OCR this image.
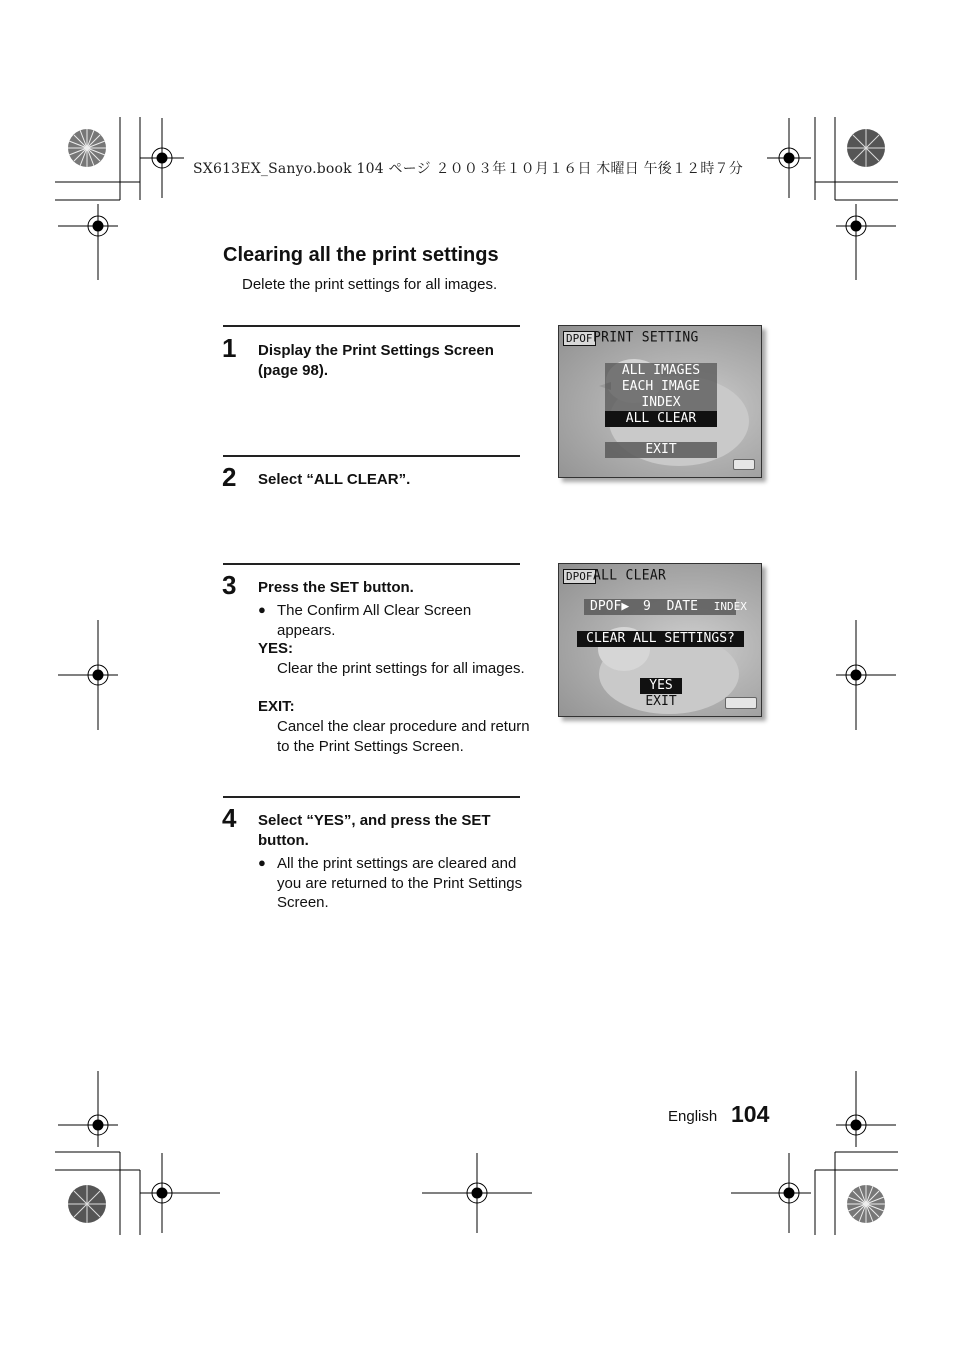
SX613EX_Sanyo.book 104 ページ ２００３年１０月１６日 木曜日 午後１２時７分
Clearing all the print settings
Delete the print settings for all images.
1 Display the Print Settings Screen (page 98).
2 Select “ALL CLEAR”.
3 Press the SET button.
● The Confirm All Clear Screen appears.
YES:
Clear the print settings for all images.
EXIT:
Cancel the clear procedure and return to the Print Settings Screen.
4 Select “YES”, and press the SET button.
● All the print settings are cleared and you are returned to the Print Settings Screen.
DPOF PRINT SETTING
ALL IMAGES
EACH IMAGE
INDEX
ALL CLEAR
EXIT
DPOF ALL CLEAR
DPOF▶ 9 DATE INDEX
CLEAR ALL SETTINGS?
YES
EXIT
English 104
